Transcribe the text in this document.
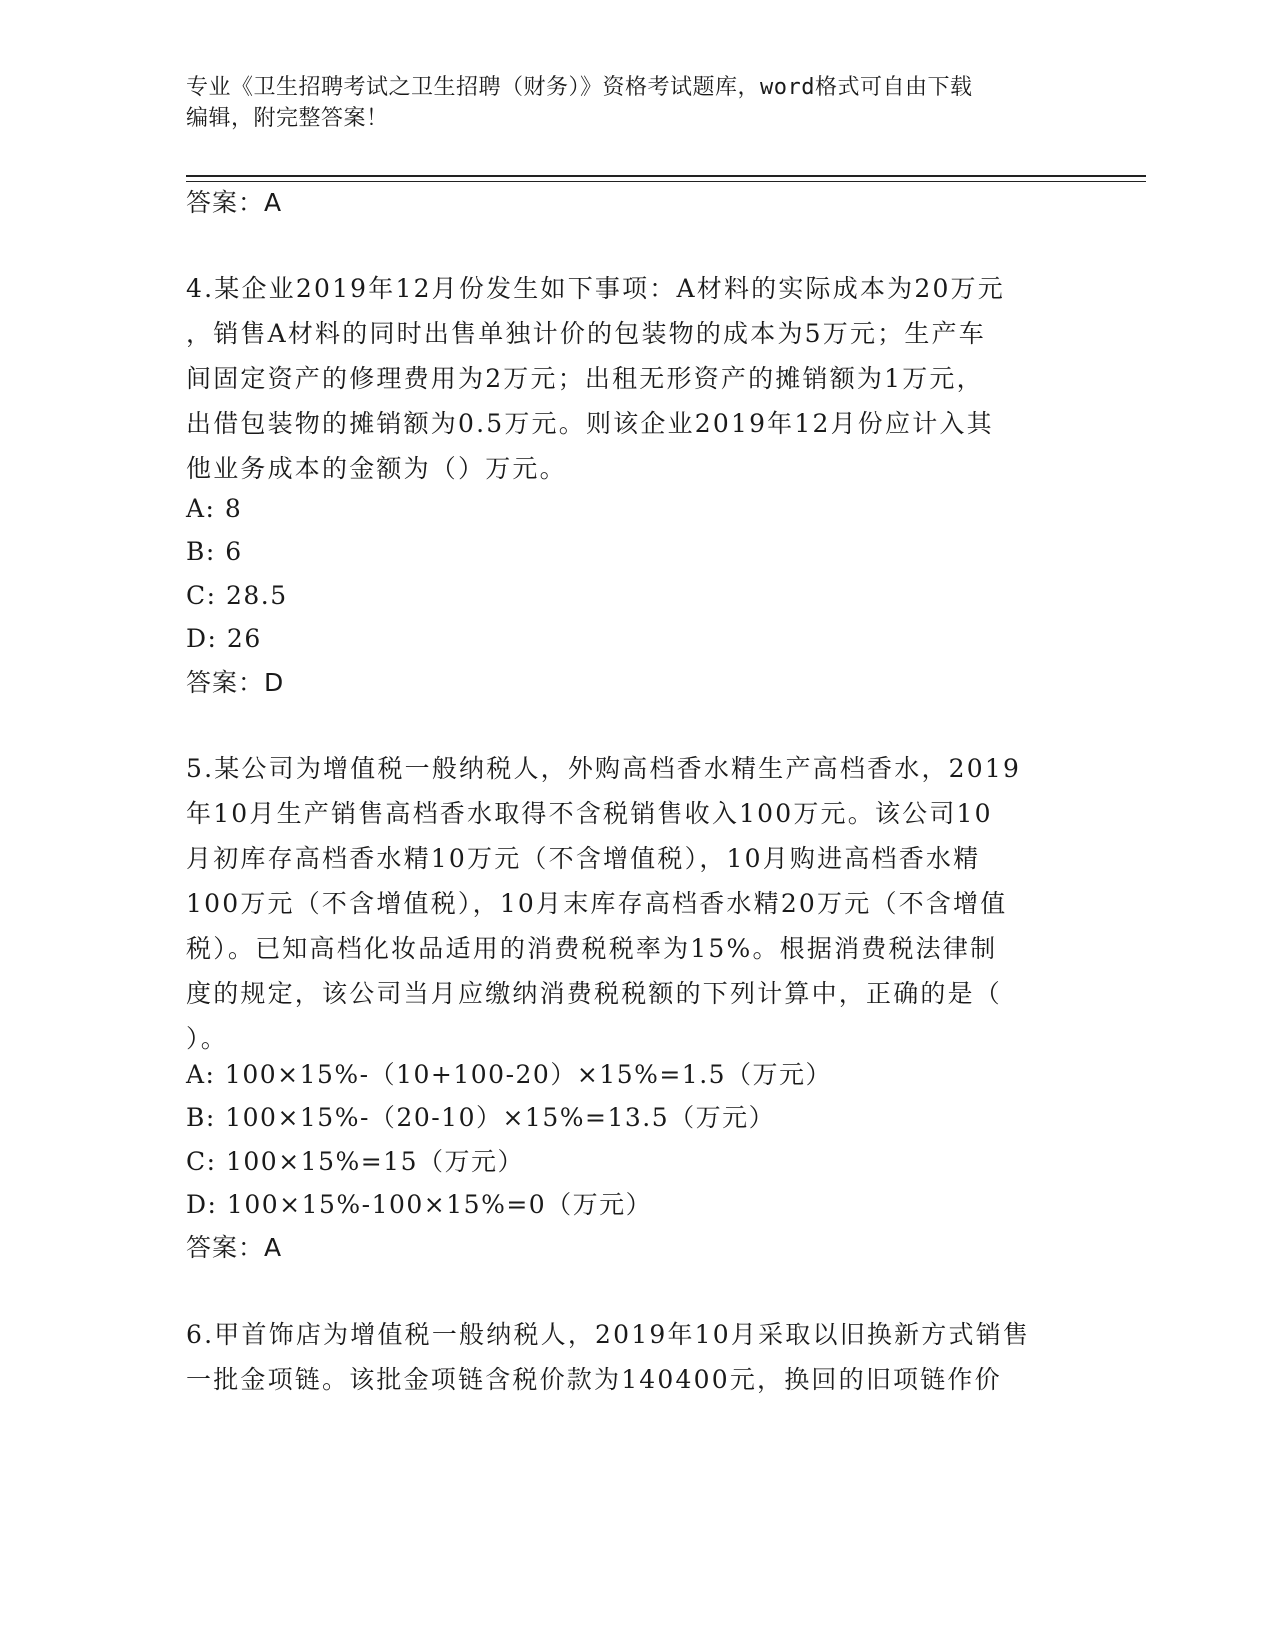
专业《卫生招聘考试之卫生招聘（财务）》资格考试题库，word格式可自由下载
编辑，附完整答案！
答案：A

4.某企业2019年12月份发生如下事项：A材料的实际成本为20万元

，销售A材料的同时出售单独计价的包装物的成本为5万元；生产车

间固定资产的修理费用为2万元；出租无形资产的摊销额为1万元，

出借包装物的摊销额为0.5万元。则该企业2019年12月份应计入其

他业务成本的金额为（）万元。

A: 8
B: 6
C: 28.5
D: 26
答案：D

5.某公司为增值税一般纳税人，外购高档香水精生产高档香水，2019

年10月生产销售高档香水取得不含税销售收入100万元。该公司10

月初库存高档香水精10万元（不含增值税），10月购进高档香水精

100万元（不含增值税），10月末库存高档香水精20万元（不含增值

税）。已知高档化妆品适用的消费税税率为15%。根据消费税法律制

度的规定，该公司当月应缴纳消费税税额的下列计算中，正确的是（

）。

A: 100×15%-（10+100-20）×15%=1.5（万元）
B: 100×15%-（20-10）×15%=13.5（万元）
C: 100×15%=15（万元）
D: 100×15%-100×15%=0（万元）
答案：A

6.甲首饰店为增值税一般纳税人，2019年10月采取以旧换新方式销售

一批金项链。该批金项链含税价款为140400元，换回的旧项链作价
